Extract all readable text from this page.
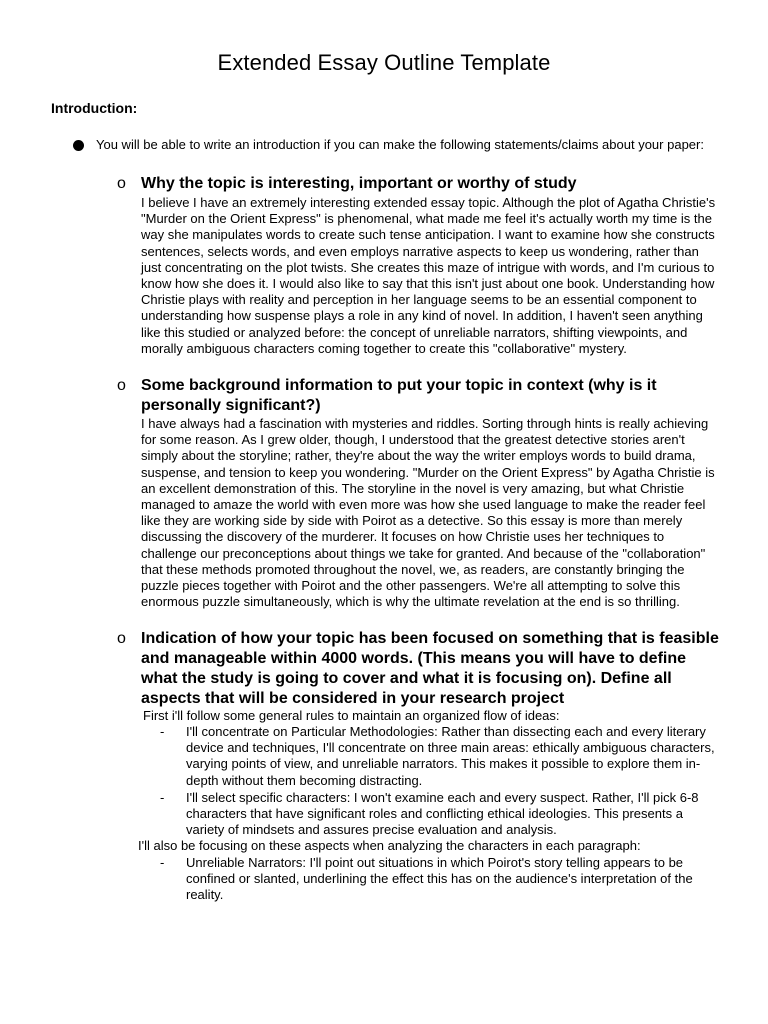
Extended Essay Outline Template
Introduction:
You will be able to write an introduction if you can make the following statements/claims about your paper:
o Why the topic is interesting, important or worthy of study
I believe I have an extremely interesting extended essay topic. Although the plot of Agatha Christie's "Murder on the Orient Express" is phenomenal, what made me feel it's actually worth my time is the way she manipulates words to create such tense anticipation. I want to examine how she constructs sentences, selects words, and even employs narrative aspects to keep us wondering, rather than just concentrating on the plot twists. She creates this maze of intrigue with words, and I'm curious to know how she does it. I would also like to say that this isn't just about one book. Understanding how Christie plays with reality and perception in her language seems to be an essential component to understanding how suspense plays a role in any kind of novel. In addition, I haven't seen anything like this studied or analyzed before: the concept of unreliable narrators, shifting viewpoints, and morally ambiguous characters coming together to create this "collaborative" mystery.
o Some background information to put your topic in context (why is it personally significant?)
I have always had a fascination with mysteries and riddles. Sorting through hints is really achieving for some reason. As I grew older, though, I understood that the greatest detective stories aren't simply about the storyline; rather, they're about the way the writer employs words to build drama, suspense, and tension to keep you wondering. "Murder on the Orient Express" by Agatha Christie is an excellent demonstration of this. The storyline in the novel is very amazing, but what Christie managed to amaze the world with even more was how she used language to make the reader feel like they are working side by side with Poirot as a detective. So this essay is more than merely discussing the discovery of the murderer. It focuses on how Christie uses her techniques to challenge our preconceptions about things we take for granted. And because of the "collaboration" that these methods promoted throughout the novel, we, as readers, are constantly bringing the puzzle pieces together with Poirot and the other passengers. We're all attempting to solve this enormous puzzle simultaneously, which is why the ultimate revelation at the end is so thrilling.
o Indication of how your topic has been focused on something that is feasible and manageable within 4000 words. (This means you will have to define what the study is going to cover and what it is focusing on). Define all aspects that will be considered in your research project
First i'll follow some general rules to maintain an organized flow of ideas:
- I'll concentrate on Particular Methodologies: Rather than dissecting each and every literary device and techniques, I'll concentrate on three main areas: ethically ambiguous characters, varying points of view, and unreliable narrators. This makes it possible to explore them in-depth without them becoming distracting.
- I'll select specific characters: I won't examine each and every suspect. Rather, I'll pick 6-8 characters that have significant roles and conflicting ethical ideologies. This presents a variety of mindsets and assures precise evaluation and analysis.
I'll also be focusing on these aspects when analyzing the characters in each paragraph:
- Unreliable Narrators: I'll point out situations in which Poirot's story telling appears to be confined or slanted, underlining the effect this has on the audience's interpretation of the reality.
